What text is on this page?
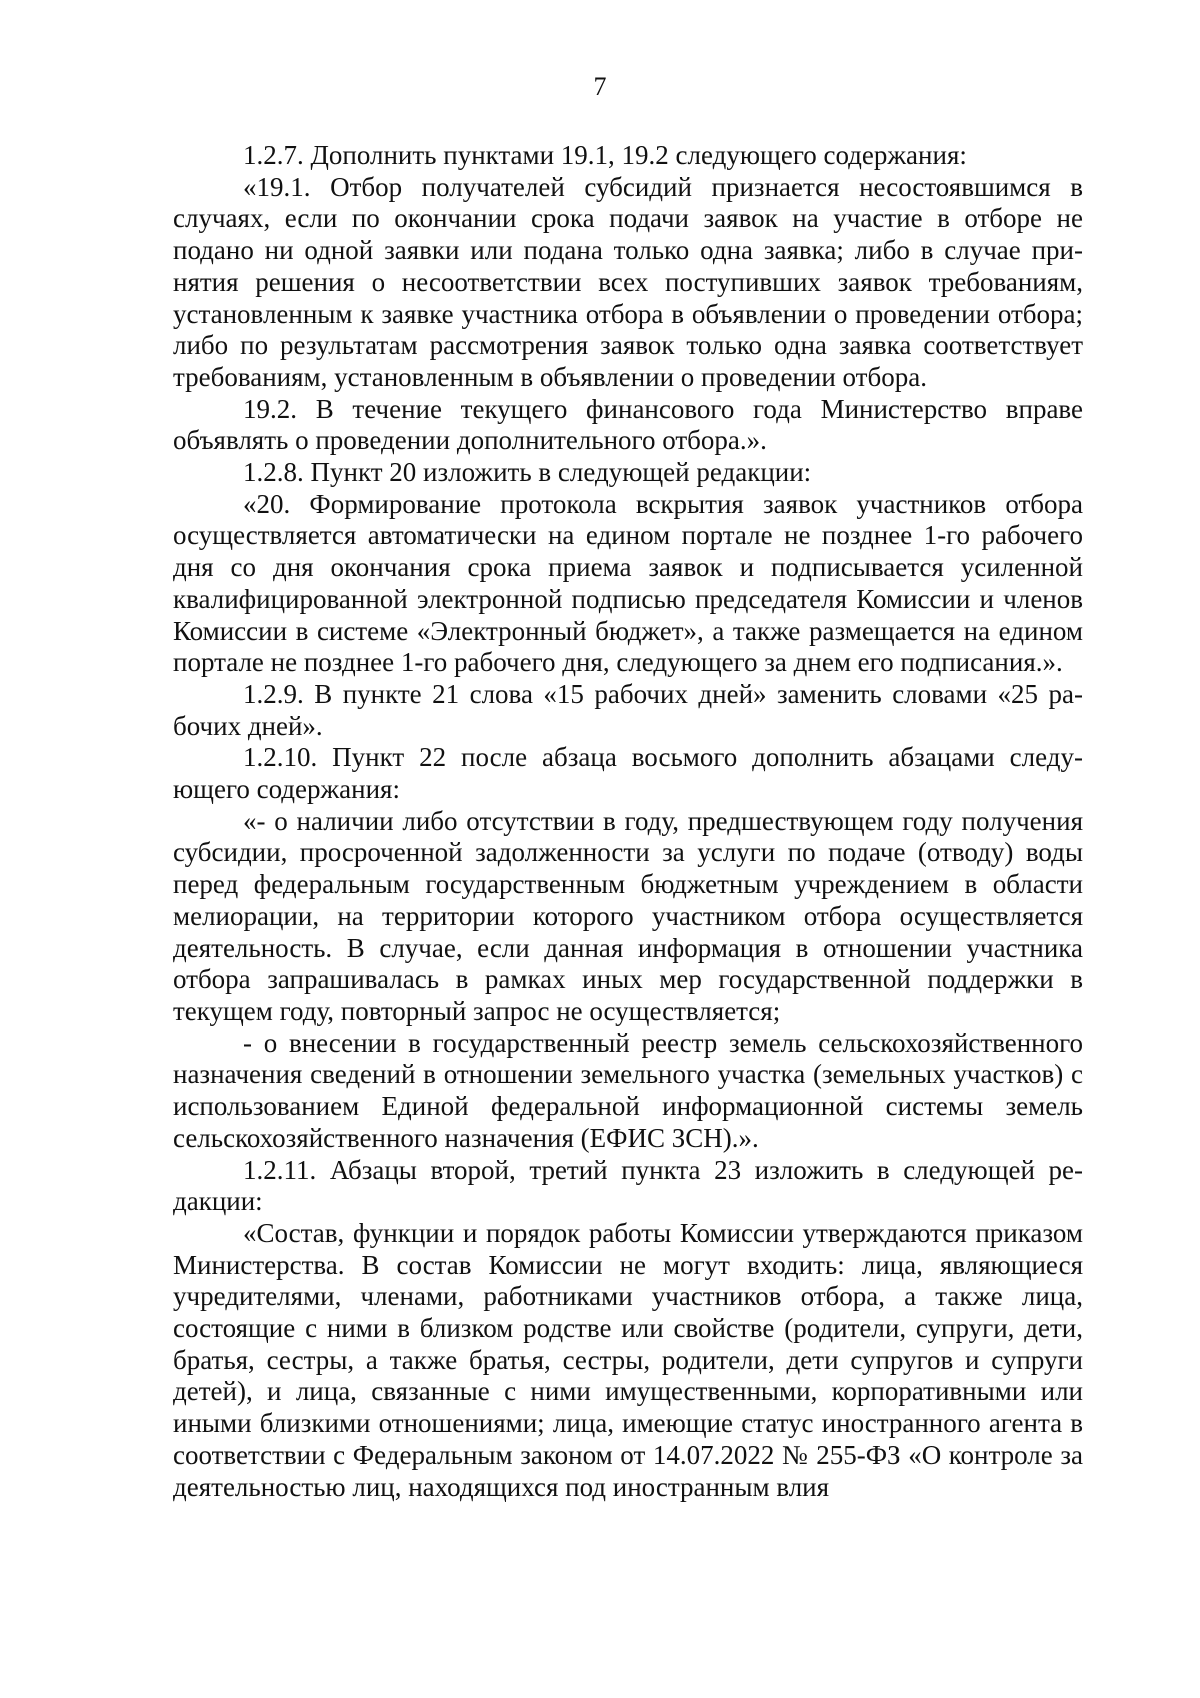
7

1.2.7. Дополнить пунктами 19.1, 19.2 следующего содержания:

«19.1. Отбор получателей субсидий признается несостоявшимся в случаях, если по окончании срока подачи заявок на участие в отборе не подано ни одной заявки или подана только одна заявка; либо в случае принятия решения о несоответствии всех поступивших заявок требованиям, установленным к заявке участника отбора в объявлении о проведении отбора; либо по результатам рассмотрения заявок только одна заявка соответствует требованиям, установленным в объявлении о проведении отбора.

19.2. В течение текущего финансового года Министерство вправе объявлять о проведении дополнительного отбора.».

1.2.8. Пункт 20 изложить в следующей редакции:

«20. Формирование протокола вскрытия заявок участников отбора осуществляется автоматически на едином портале не позднее 1-го рабочего дня со дня окончания срока приема заявок и подписывается усиленной квалифицированной электронной подписью председателя Комиссии и членов Комиссии в системе «Электронный бюджет», а также размещается на едином портале не позднее 1-го рабочего дня, следующего за днем его подписания.».

1.2.9. В пункте 21 слова «15 рабочих дней» заменить словами «25 рабочих дней».

1.2.10. Пункт 22 после абзаца восьмого дополнить абзацами следующего содержания:

«- о наличии либо отсутствии в году, предшествующем году получения субсидии, просроченной задолженности за услуги по подаче (отводу) воды перед федеральным государственным бюджетным учреждением в области мелиорации, на территории которого участником отбора осуществляется деятельность. В случае, если данная информация в отношении участника отбора запрашивалась в рамках иных мер государственной поддержки в текущем году, повторный запрос не осуществляется;

- о внесении в государственный реестр земель сельскохозяйственного назначения сведений в отношении земельного участка (земельных участков) с использованием Единой федеральной информационной системы земель сельскохозяйственного назначения (ЕФИС ЗСН).».

1.2.11. Абзацы второй, третий пункта 23 изложить в следующей редакции:

«Состав, функции и порядок работы Комиссии утверждаются приказом Министерства. В состав Комиссии не могут входить: лица, являющиеся учредителями, членами, работниками участников отбора, а также лица, состоящие с ними в близком родстве или свойстве (родители, супруги, дети, братья, сестры, а также братья, сестры, родители, дети супругов и супруги детей), и лица, связанные с ними имущественными, корпоративными или иными близкими отношениями; лица, имеющие статус иностранного агента в соответствии с Федеральным законом от 14.07.2022 № 255-ФЗ «О контроле за деятельностью лиц, находящихся под иностранным влия
